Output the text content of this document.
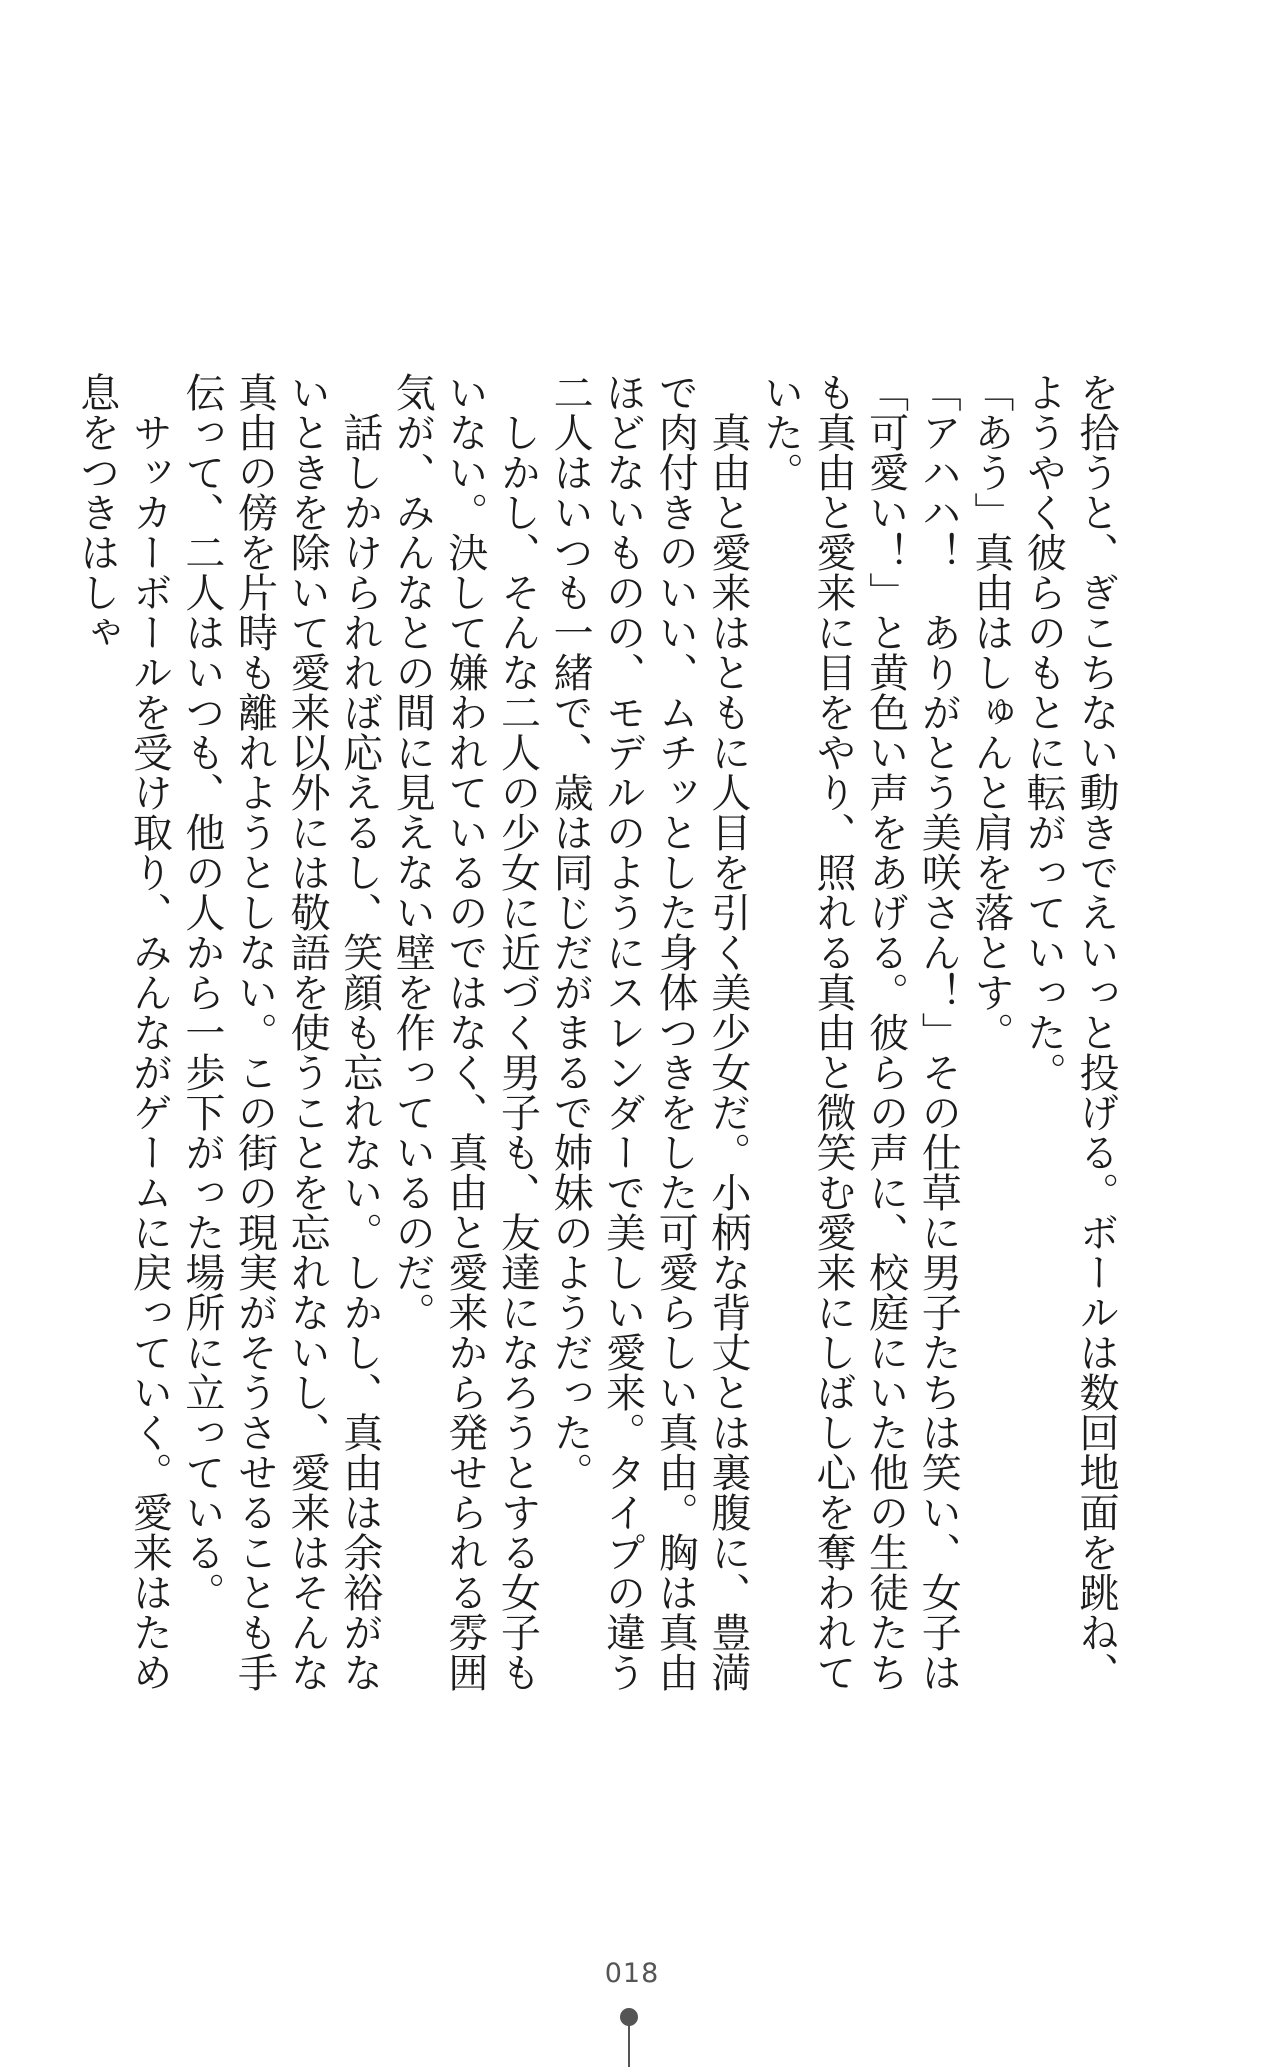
を拾うと、ぎこちない動きでえいっと投げる。ボールは数回地面を跳ね、ようやく彼らのもとに転がっていった。

「あう」真由はしゅんと肩を落とす。

「アハハ！　ありがとう美咲さん！」その仕草に男子たちは笑い、女子は「可愛い！」と黄色い声をあげる。彼らの声に、校庭にいた他の生徒たちも真由と愛来に目をやり、照れる真由と微笑む愛来にしばし心を奪われていた。

　真由と愛来はともに人目を引く美少女だ。小柄な背丈とは裏腹に、豊満で肉付きのいい、ムチッとした身体つきをした可愛らしい真由。胸は真由ほどないものの、モデルのようにスレンダーで美しい愛来。タイプの違う二人はいつも一緒で、歳は同じだがまるで姉妹のようだった。

　しかし、そんな二人の少女に近づく男子も、友達になろうとする女子もいない。決して嫌われているのではなく、真由と愛来から発せられる雰囲気が、みんなとの間に見えない壁を作っているのだ。

　話しかけられれば応えるし、笑顔も忘れない。しかし、真由は余裕がないときを除いて愛来以外には敬語を使うことを忘れないし、愛来はそんな真由の傍を片時も離れようとしない。この街の現実がそうさせることも手伝って、二人はいつも、他の人から一歩下がった場所に立っている。

　サッカーボールを受け取り、みんながゲームに戻っていく。愛来はため息をつきはしゃ

018
